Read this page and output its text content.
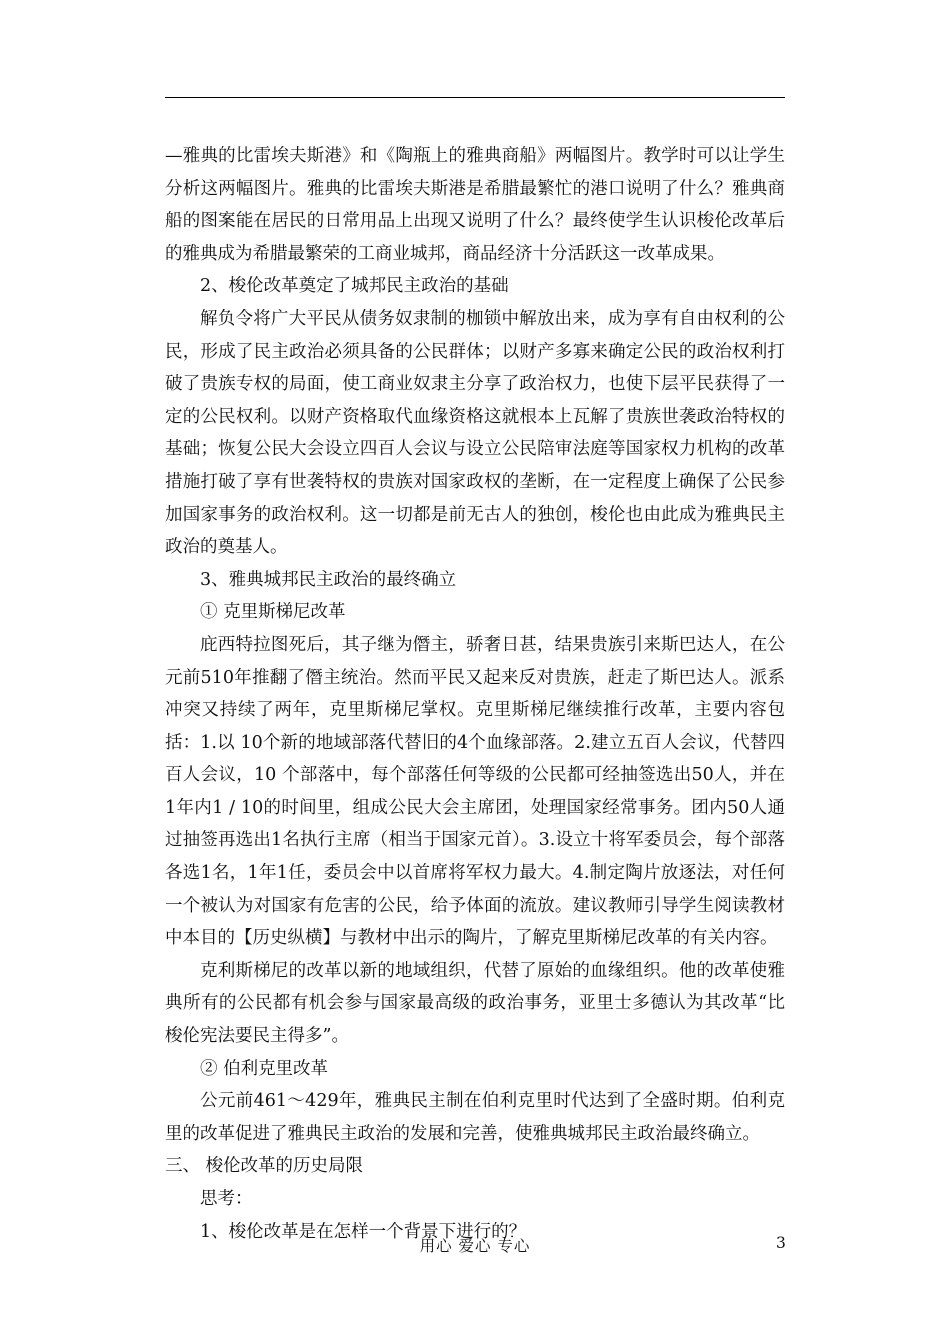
—雅典的比雷埃夫斯港》和《陶瓶上的雅典商船》两幅图片。教学时可以让学生分析这两幅图片。雅典的比雷埃夫斯港是希腊最繁忙的港口说明了什么？雅典商船的图案能在居民的日常用品上出现又说明了什么？最终使学生认识梭伦改革后的雅典成为希腊最繁荣的工商业城邦，商品经济十分活跃这一改革成果。

2、梭伦改革奠定了城邦民主政治的基础

解负令将广大平民从债务奴隶制的枷锁中解放出来，成为享有自由权利的公民，形成了民主政治必须具备的公民群体；以财产多寡来确定公民的政治权利打破了贵族专权的局面，使工商业奴隶主分享了政治权力，也使下层平民获得了一定的公民权利。以财产资格取代血缘资格这就根本上瓦解了贵族世袭政治特权的基础；恢复公民大会设立四百人会议与设立公民陪审法庭等国家权力机构的改革措施打破了享有世袭特权的贵族对国家政权的垄断，在一定程度上确保了公民参加国家事务的政治权利。这一切都是前无古人的独创，梭伦也由此成为雅典民主政治的奠基人。

3、雅典城邦民主政治的最终确立

① 克里斯梯尼改革

庇西特拉图死后，其子继为僭主，骄奢日甚，结果贵族引来斯巴达人，在公元前510年推翻了僭主统治。然而平民又起来反对贵族，赶走了斯巴达人。派系冲突又持续了两年，克里斯梯尼掌权。克里斯梯尼继续推行改革，主要内容包括：1.以 10个新的地域部落代替旧的4个血缘部落。2.建立五百人会议，代替四百人会议，10 个部落中，每个部落任何等级的公民都可经抽签选出50人，并在1年内1 / 10的时间里，组成公民大会主席团，处理国家经常事务。团内50人通过抽签再选出1名执行主席（相当于国家元首）。3.设立十将军委员会，每个部落各选1名，1年1任，委员会中以首席将军权力最大。4.制定陶片放逐法，对任何一个被认为对国家有危害的公民，给予体面的流放。建议教师引导学生阅读教材中本目的【历史纵横】与教材中出示的陶片，了解克里斯梯尼改革的有关内容。

克利斯梯尼的改革以新的地域组织，代替了原始的血缘组织。他的改革使雅典所有的公民都有机会参与国家最高级的政治事务，亚里士多德认为其改革“比梭伦宪法要民主得多”。

② 伯利克里改革

公元前461～429年，雅典民主制在伯利克里时代达到了全盛时期。伯利克里的改革促进了雅典民主政治的发展和完善，使雅典城邦民主政治最终确立。

三、 梭伦改革的历史局限

思考：

1、梭伦改革是在怎样一个背景下进行的？

用心 爱心 专心	3
